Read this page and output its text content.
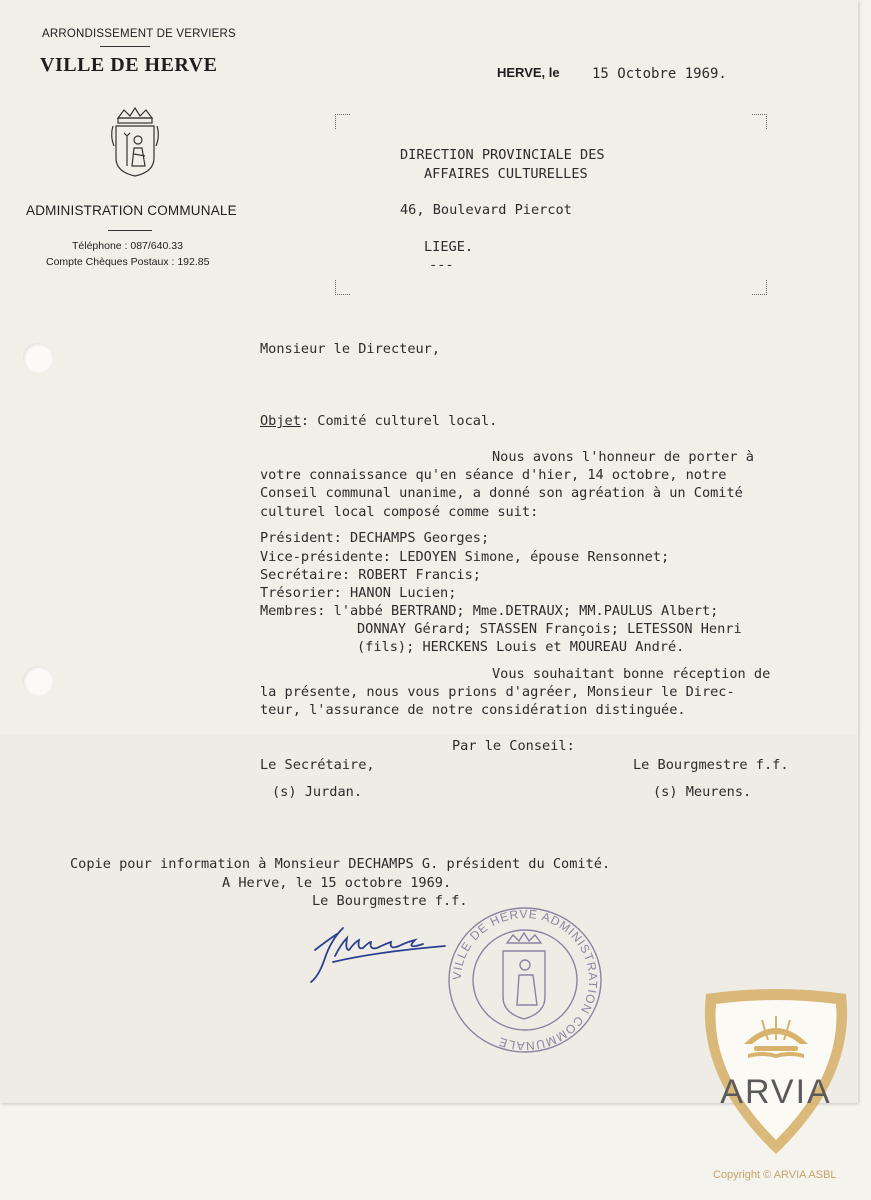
ARRONDISSEMENT DE VERVIERS
VILLE DE HERVE
ADMINISTRATION COMMUNALE
Téléphone : 087/640.33
Compte Chèques Postaux : 192.85
HERVE, le 15 Octobre 1969.
DIRECTION PROVINCIALE DES
AFFAIRES CULTURELLES
46, Boulevard Piercot
LIEGE.
---
Monsieur le Directeur,
Objet: Comité culturel local.
Nous avons l'honneur de porter à
votre connaissance qu'en séance d'hier, 14 octobre, notre
Conseil communal unanime, a donné son agréation à un Comité
culturel local composé comme suit:
Président: DECHAMPS Georges;
Vice-présidente: LEDOYEN Simone, épouse Rensonnet;
Secrétaire: ROBERT Francis;
Trésorier: HANON Lucien;
Membres: l'abbé BERTRAND; Mme.DETRAUX; MM.PAULUS Albert;
DONNAY Gérard; STASSEN François; LETESSON Henri
(fils); HERCKENS Louis et MOUREAU André.
Vous souhaitant bonne réception de
la présente, nous vous prions d'agréer, Monsieur le Direc-
teur, l'assurance de notre considération distinguée.
Par le Conseil:
Le Secrétaire,	Le Bourgmestre f.f.
(s) Jurdan.	(s) Meurens.
Copie pour information à Monsieur DECHAMPS G. président du Comité.
A Herve, le 15 octobre 1969.
Le Bourgmestre f.f.
VILLE DE HERVE ADMINISTRATION COMMUNALE
ARVIA
Copyright © ARVIA ASBL
